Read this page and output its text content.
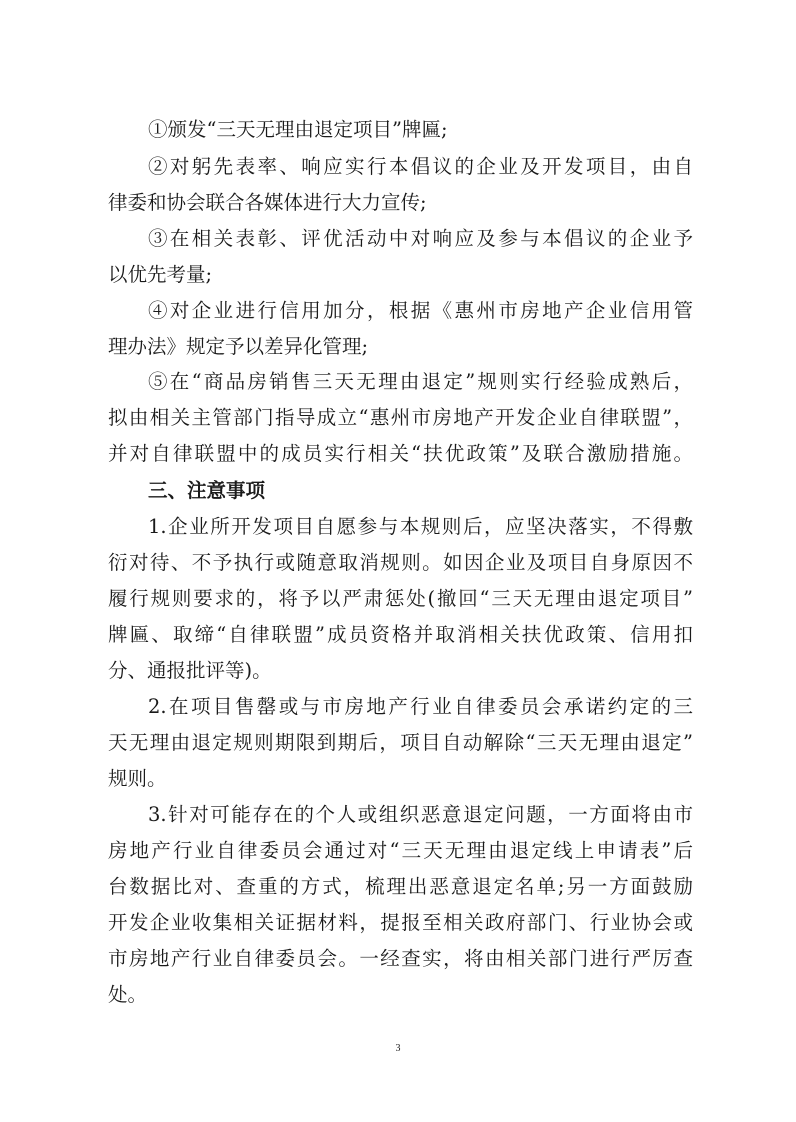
①颁发“三天无理由退定项目”牌匾;
②对躬先表率、响应实行本倡议的企业及开发项目，由自
律委和协会联合各媒体进行大力宣传;
③在相关表彰、评优活动中对响应及参与本倡议的企业予
以优先考量;
④对企业进行信用加分，根据《惠州市房地产企业信用管
理办法》规定予以差异化管理;
⑤在“商品房销售三天无理由退定”规则实行经验成熟后，
拟由相关主管部门指导成立“惠州市房地产开发企业自律联盟”，
并对自律联盟中的成员实行相关“扶优政策”及联合激励措施。
三、注意事项
1.企业所开发项目自愿参与本规则后，应坚决落实，不得敷
衍对待、不予执行或随意取消规则。如因企业及项目自身原因不
履行规则要求的，将予以严肃惩处(撤回“三天无理由退定项目”
牌匾、取缔“自律联盟”成员资格并取消相关扶优政策、信用扣
分、通报批评等)。
2.在项目售罄或与市房地产行业自律委员会承诺约定的三
天无理由退定规则期限到期后，项目自动解除“三天无理由退定”
规则。
3.针对可能存在的个人或组织恶意退定问题，一方面将由市
房地产行业自律委员会通过对“三天无理由退定线上申请表”后
台数据比对、查重的方式，梳理出恶意退定名单;另一方面鼓励
开发企业收集相关证据材料，提报至相关政府部门、行业协会或
市房地产行业自律委员会。一经查实，将由相关部门进行严厉查
处。
3
